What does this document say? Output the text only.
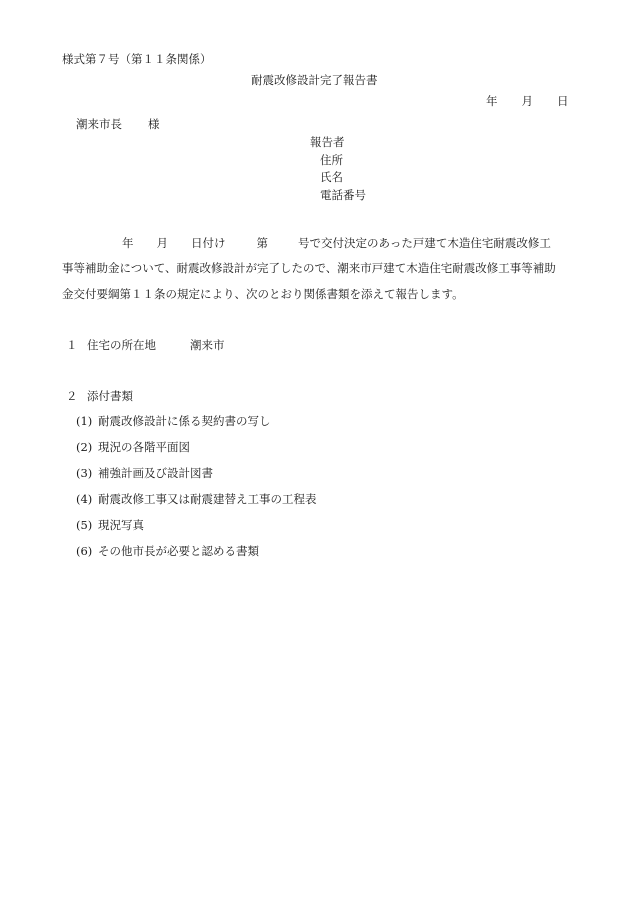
様式第７号（第１１条関係）
耐震改修設計完了報告書
年 月 日
潮来市長 様
報告者
住所
氏名
電話番号
年 月 日付け	第	号で交付決定のあった戸建て木造住宅耐震改修工
事等補助金について、耐震改修設計が完了したので、潮来市戸建て木造住宅耐震改修工事等補助
金交付要綱第１１条の規定により、次のとおり関係書類を添えて報告します。
１ 住宅の所在地	潮来市
２ 添付書類
(1) 耐震改修設計に係る契約書の写し
(2) 現況の各階平面図
(3) 補強計画及び設計図書
(4) 耐震改修工事又は耐震建替え工事の工程表
(5) 現況写真
(6) その他市長が必要と認める書類
